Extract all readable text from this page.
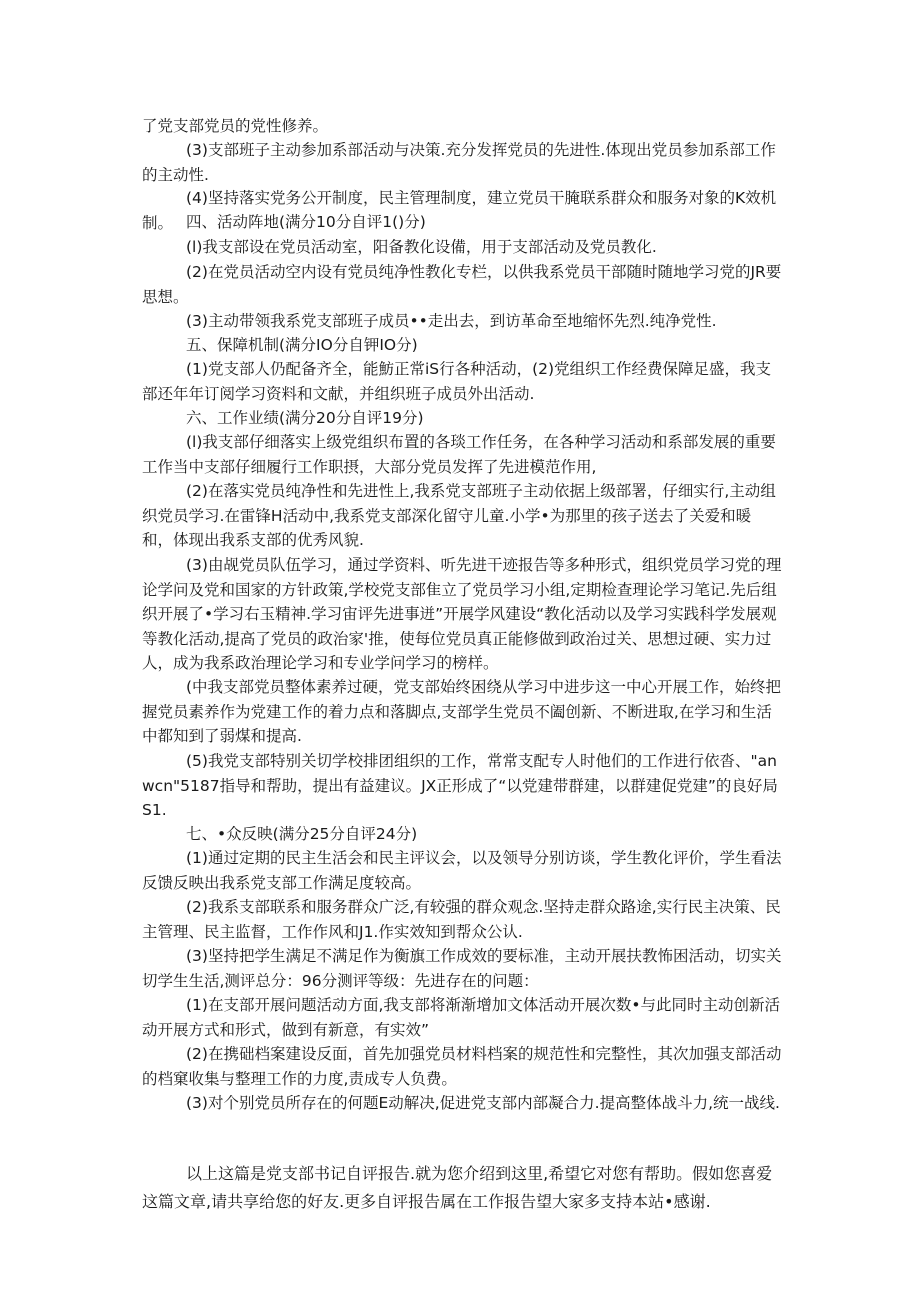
了党支部党员的党性修养。

(3)支部班子主动参加系部活动与决策.充分发挥党员的先进性.体现出党员参加系部工作的主动性.

(4)坚持落实党务公开制度，民主管理制度，建立党员干腌联系群众和服务对象的K效机制。 四、活动阵地(满分10分自评1()分)

(l)我支部设在党员活动室，阳备教化设備，用于支部活动及党员教化.

(2)在党员活动空内设有党员纯净性教化专栏，以供我系党员干部随时随地学习党的JR要思想。

(3)主动带领我系党支部班子成员••走出去，到访革命至地缩怀先烈.纯净党性.

五、保障机制(满分IO分自钾IO分)

(1)党支部人仍配备齐全，能魴正常iS行各种活动，(2)党组织工作经费保障足盛，我支部还年年订阅学习资料和文献，并组织班子成员外出活动.

六、工作业绩(满分20分自评19分)

(l)我支部仔细落实上级党组织布置的各琰工作任务，在各种学习活动和系部发展的重要工作当中支部仔细履行工作职摂，大部分党员发挥了先进模范作用,

(2)在落实党员纯净性和先进性上,我系党支部班子主动依据上级部署，仔细实行,主动组织党员学习.在雷锋H活动中,我系党支部深化留守儿童.小学•为那里的孩子送去了关爱和暖和，体现出我系支部的优秀风貌.

(3)由觇党员队伍学习，通过学资料、听先进干迹报告等多种形式，组织党员学习党的理论学问及党和国家的方针政策,学校党支部隹立了党员学习小组,定期检查理论学习笔记.先后组织开展了•学习右玉精神.学习宙评先进事迸”开展学风建设“教化活动以及学习实践科学发展观等教化活动,提高了党员的政治家'推，使每位党员真正能修做到政治过关、思想过硬、实力过人，成为我系政治理论学习和专业学问学习的榜样。

(中我支部党员整体素养过硬，党支部始终困绕从学习中进步这一中心开展工作，始终把握党员素养作为党建工作的着力点和落脚点,支部学生党员不阖创新、不断进取,在学习和生活中都知到了弱煤和提高.

(5)我党支部特别关切学校排团组织的工作，常常支配专人时他们的工作进行依沓、"anwcn"5187指导和帮助，提出有益建议。JX正形成了“以党建带群建，以群建促党建”的良好局S1.

七、•众反映(满分25分自评24分)

(1)通过定期的民主生活会和民主评议会，以及领导分别访谈，学生教化评价，学生看法反馈反映出我系党支部工作满足度较高。

(2)我系支部联系和服务群众广泛,有较强的群众观念.坚持走群众路途,实行民主决策、民主管理、民主监督，工作作风和J1.作实效知到帮众公认.

(3)坚持把学生满足不满足作为衡旗工作成效的要标准，主动开展扶教怖困活动，切实关切学生生活,测评总分：96分测评等级：先进存在的问题：

(1)在支部开展问题活动方面,我支部将渐渐增加文体活动开展次数•与此同时主动创新活动开展方式和形式，做到有新意，有实效”

(2)在携础档案建设反面，首先加强党员材料档案的规范性和完整性，其次加强支部活动的档窠收集与整理工作的力度,责成专人负费。

(3)对个别党员所存在的何题E动解决,促进党支部内部凝合力.提高整体战斗力,统一战线.

以上这篇是党支部书记自评报告.就为您介绍到这里,希望它对您有帮助。假如您喜爱这篇文章,请共享给您的好友.更多自评报告属在工作报告望大家多支持本站•感谢.
